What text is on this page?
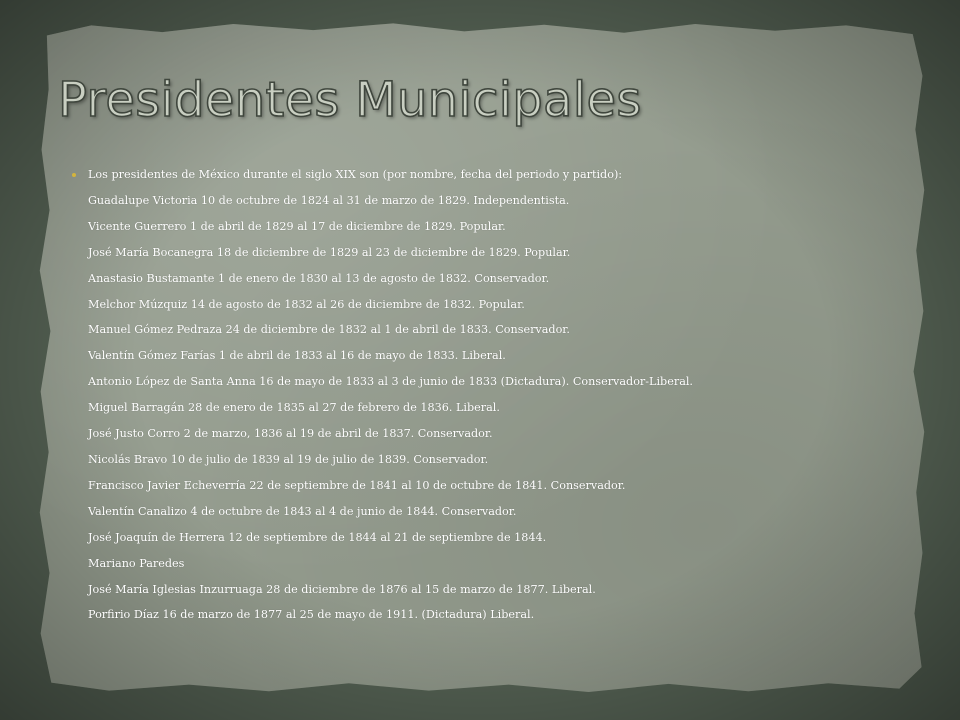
Presidentes Municipales
Los presidentes de México durante el siglo XIX son (por nombre, fecha del periodo y partido):
Guadalupe Victoria 10 de octubre de 1824 al 31 de marzo de 1829. Independentista.
Vicente Guerrero 1 de abril de 1829 al 17 de diciembre de 1829. Popular.
José María Bocanegra 18 de diciembre de 1829 al 23 de diciembre de 1829. Popular.
Anastasio Bustamante 1 de enero de 1830 al 13 de agosto de 1832. Conservador.
Melchor Múzquiz 14 de agosto de 1832 al 26 de diciembre de 1832. Popular.
Manuel Gómez Pedraza 24 de diciembre de 1832 al 1 de abril de 1833. Conservador.
Valentín Gómez Farías 1 de abril de 1833 al 16 de mayo de 1833. Liberal.
Antonio López de Santa Anna 16 de mayo de 1833 al 3 de junio de 1833 (Dictadura). Conservador-Liberal.
Miguel Barragán 28 de enero de 1835 al 27 de febrero de 1836. Liberal.
José Justo Corro 2 de marzo, 1836 al 19 de abril de 1837. Conservador.
Nicolás Bravo 10 de julio de 1839 al 19 de julio de 1839. Conservador.
Francisco Javier Echeverría 22 de septiembre de 1841 al 10 de octubre de 1841. Conservador.
Valentín Canalizo 4 de octubre de 1843 al 4 de junio de 1844. Conservador.
José Joaquín de Herrera 12 de septiembre de 1844 al 21 de septiembre de 1844.
Mariano Paredes
José María Iglesias Inzurruaga 28 de diciembre de 1876 al 15 de marzo de 1877. Liberal.
Porfirio Díaz 16 de marzo de 1877 al 25 de mayo de 1911. (Dictadura) Liberal.
